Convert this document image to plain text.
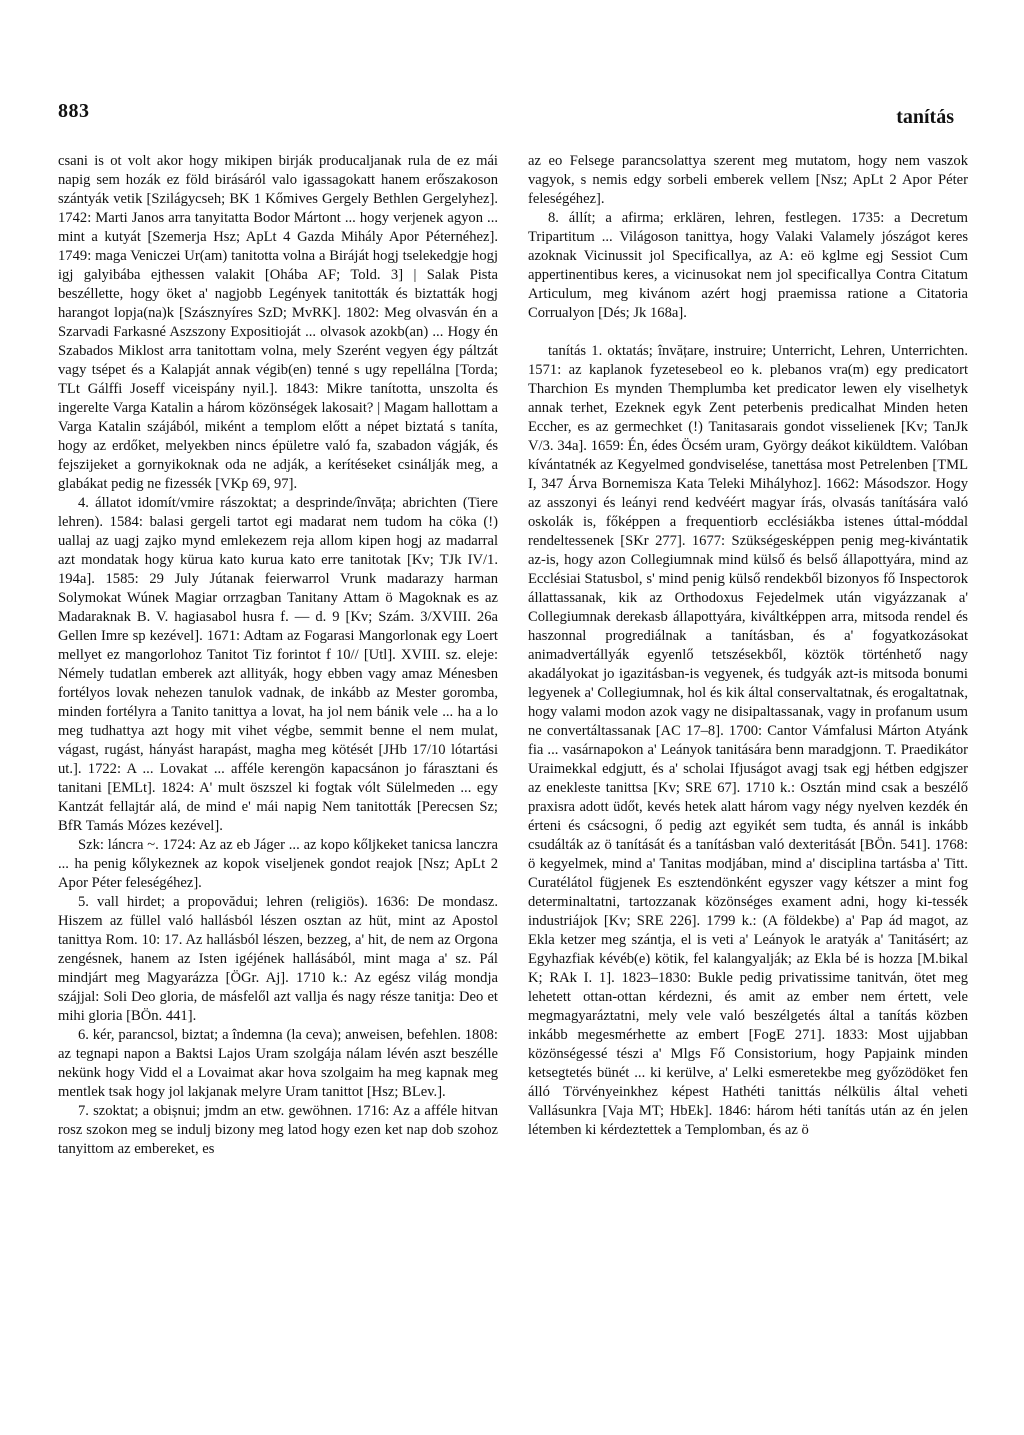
883	tanítás

csani is ot volt akor hogy mikipen birják producaljanak rula de ez mái napig sem hozák ez föld birásáról valo igassagokatt hanem erőszakoson szántyák vetik [Szilágycseh; BK 1 Kőmives Gergely Bethlen Gergelyhez]. 1742: Marti Janos arra tanyitatta Bodor Mártont ... hogy verjenek agyon ... mint a kutyát [Szemerja Hsz; ApLt 4 Gazda Mihály Apor Péternéhez]. 1749: maga Veniczei Ur(am) tanitotta volna a Biráját hogj tselekedgje hogj igj galyibába ejthessen valakit [Ohába AF; Told. 3] | Salak Pista beszéllette, hogy öket a' nagjobb Legények tanitották és biztatták hogj harangot lopja(na)k [Szásznyíres SzD; MvRK]. 1802: Meg olvasván én a Szarvadi Farkasné Aszszony Expositioját ... olvasok azokb(an) ... Hogy én Szabados Miklost arra tanitottam volna, mely Szerént vegyen égy páltzát vagy tsépet és a Kalapját annak végib(en) tenné s ugy repellálna [Torda; TLt Gálffi Joseff viceispány nyil.]. 1843: Mikre tanította, unszolta és ingerelte Varga Katalin a három közönségek lakosait? | Magam hallottam a Varga Katalin szájából, miként a templom előtt a népet biztatá s taníta, hogy az erdőket, melyekben nincs épületre való fa, szabadon vágják, és fejszijeket a gornyikoknak oda ne adják, a kerítéseket csinálják meg, a glabákat pedig ne fizessék [VKp 69, 97].

4. állatot idomít/vmire rászoktat; a desprinde/învăța; abrichten (Tiere lehren). 1584: balasi gergeli tartot egi madarat nem tudom ha cöka (!) uallaj az uagj zajko mynd emlekezem reja allom kipen hogj az madarral azt mondatak hogy kürua kato kurua kato erre tanitotak [Kv; TJk IV/1. 194a]. 1585: 29 July Jútanak feierwarrol Vrunk madarazy harman Solymokat Wúnek Magiar orrzagban Tanitany Attam ö Magoknak es az Madaraknak B. V. hagiasabol husra f. — d. 9 [Kv; Szám. 3/XVIII. 26a Gellen Imre sp kezével]. 1671: Adtam az Fogarasi Mangorlonak egy Loert mellyet ez mangorlohoz Tanitot Tiz forintot f 10// [Utl]. XVIII. sz. eleje: Némely tudatlan emberek azt allityák, hogy ebben vagy amaz Ménesben fortélyos lovak nehezen tanulok vadnak, de inkább az Mester goromba, minden fortélyra a Tanito tanittya a lovat, ha jol nem bánik vele ... ha a lo meg tudhattya azt hogy mit vihet végbe, semmit benne el nem mulat, vágast, rugást, hányást harapást, magha meg kötését [JHb 17/10 lótartási ut.]. 1722: A ... Lovakat ... afféle kerengön kapacsánon jo fárasztani és tanitani [EMLt]. 1824: A' mult öszszel ki fogtak vólt Sülelmeden ... egy Kantzát fellajtár alá, de mind e' mái napig Nem tanitották [Perecsen Sz; BfR Tamás Mózes kezével].

Szk: láncra ~. 1724: Az az eb Jáger ... az kopo kőljkeket tanicsa lanczra ... ha penig kőlykeznek az kopok viseljenek gondot reajok [Nsz; ApLt 2 Apor Péter feleségéhez].

5. vall hirdet; a propovădui; lehren (religiös). 1636: De mondasz. Hiszem az füllel való hallásból lészen osztan az hüt, mint az Apostol tanittya Rom. 10: 17. Az hallásból lészen, bezzeg, a' hit, de nem az Orgona zengésnek, hanem az Isten igéjének hallásából, mint maga a' sz. Pál mindjárt meg Magyarázza [ÖGr. Aj]. 1710 k.: Az egész világ mondja szájjal: Soli Deo gloria, de másfelől azt vallja és nagy része tanitja: Deo et mihi gloria [BÖn. 441].

6. kér, parancsol, biztat; a îndemna (la ceva); anweisen, befehlen. 1808: az tegnapi napon a Baktsi Lajos Uram szolgája nálam lévén aszt beszélle nekünk hogy Vidd el a Lovaimat akar hova szolgaim ha meg kapnak meg mentlek tsak hogy jol lakjanak melyre Uram tanittot [Hsz; BLev.].

7. szoktat; a obișnui; jmdm an etw. gewöhnen. 1716: Az a afféle hitvan rosz szokon meg se indulj bizony meg latod hogy ezen ket nap dob szohoz tanyittom az embereket, es

az eo Felsege parancsolattya szerent meg mutatom, hogy nem vaszok vagyok, s nemis edgy sorbeli emberek vellem [Nsz; ApLt 2 Apor Péter feleségéhez].

8. állít; a afirma; erklären, lehren, festlegen. 1735: a Decretum Tripartitum ... Világoson tanittya, hogy Valaki Valamely jószágot keres azoknak Vicinussit jol Specificallya, az A: eö kglme egj Sessiot Cum appertinentibus keres, a vicinusokat nem jol specificallya Contra Citatum Articulum, meg kivánom azért hogj praemissa ratione a Citatoria Corrualyon [Dés; Jk 168a].

tanítás 1. oktatás; învățare, instruire; Unterricht, Lehren, Unterrichten. 1571: az kaplanok fyzetesebeol eo k. plebanos vra(m) egy predicatort Tharchion Es mynden Themplumba ket predicator lewen ely viselhetyk annak terhet, Ezeknek egyk Zent peterbenis predicalhat Minden heten Eccher, es az germechket (!) Tanitasarais gondot visselienek [Kv; TanJk V/3. 34a]. 1659: Én, édes Öcsém uram, György deákot kiküldtem. Valóban kívántatnék az Kegyelmed gondviselése, tanettása most Petrelenben [TML I, 347 Árva Bornemisza Kata Teleki Mihályhoz]. 1662: Másodszor. Hogy az asszonyi és leányi rend kedvéért magyar írás, olvasás tanítására való oskolák is, főképpen a frequentiorb ecclésiákba istenes úttal-móddal rendeltessenek [SKr 277]. 1677: Szükségesképpen penig meg-kivántatik az-is, hogy azon Collegiumnak mind külső és belső állapottyára, mind az Ecclésiai Statusbol, s' mind penig külső rendekből bizonyos fő Inspectorok állattassanak, kik az Orthodoxus Fejedelmek után vigyázzanak a' Collegiumnak derekasb állapottyára, kiváltképpen arra, mitsoda rendel és haszonnal progrediálnak a tanításban, és a' fogyatkozásokat animadvertállyák egyenlő tetszésekből, köztök történhető nagy akadályokat jo igazitásban-is vegyenek, és tudgyák azt-is mitsoda bonumi legyenek a' Collegiumnak, hol és kik által conservaltatnak, és erogaltatnak, hogy valami modon azok vagy ne disipaltassanak, vagy in profanum usum ne convertáltassanak [AC 17–8]. 1700: Cantor Vámfalusi Márton Atyánk fia ... vasárnapokon a' Leányok tanitására benn maradgjonn. T. Praedikátor Uraimekkal edgjutt, és a' scholai Ifjuságot avagj tsak egj hétben edgjszer az enekleste tanittsa [Kv; SRE 67]. 1710 k.: Osztán mind csak a beszélő praxisra adott üdőt, kevés hetek alatt három vagy négy nyelven kezdék én érteni és csácsogni, ő pedig azt egyikét sem tudta, és annál is inkább csudálták az ö tanítását és a tanításban való dexteritását [BÖn. 541]. 1768: ö kegyelmek, mind a' Tanitas modjában, mind a' disciplina tartásba a' Titt. Curatélátol fügjenek Es esztendönként egyszer vagy kétszer a mint fog determinaltatni, tartozzanak közönséges exament adni, hogy ki-tessék industriájok [Kv; SRE 226]. 1799 k.: (A földekbe) a' Pap ád magot, az Ekla ketzer meg szántja, el is veti a' Leányok le aratyák a' Tanitásért; az Egyhazfiak kévéb(e) kötik, fel kalangyalják; az Ekla bé is hozza [M.bikal K; RAk I. 1]. 1823–1830: Bukle pedig privatissime tanitván, ötet meg lehetett ottan-ottan kérdezni, és amit az ember nem értett, vele megmagyaráztatni, mely vele való beszélgetés által a tanítás közben inkább megesmérhette az embert [FogE 271]. 1833: Most ujjabban közönségessé tészi a' Mlgs Fő Consistorium, hogy Papjaink minden ketsegtetés bünét ... ki kerülve, a' Lelki esmeretekbe meg győzödöket fen álló Törvényeinkhez képest Hathéti tanittás nélkülis által veheti Vallásunkra [Vaja MT; HbEk]. 1846: három héti tanítás után az én jelen létemben ki kérdeztettek a Templomban, és az ö
